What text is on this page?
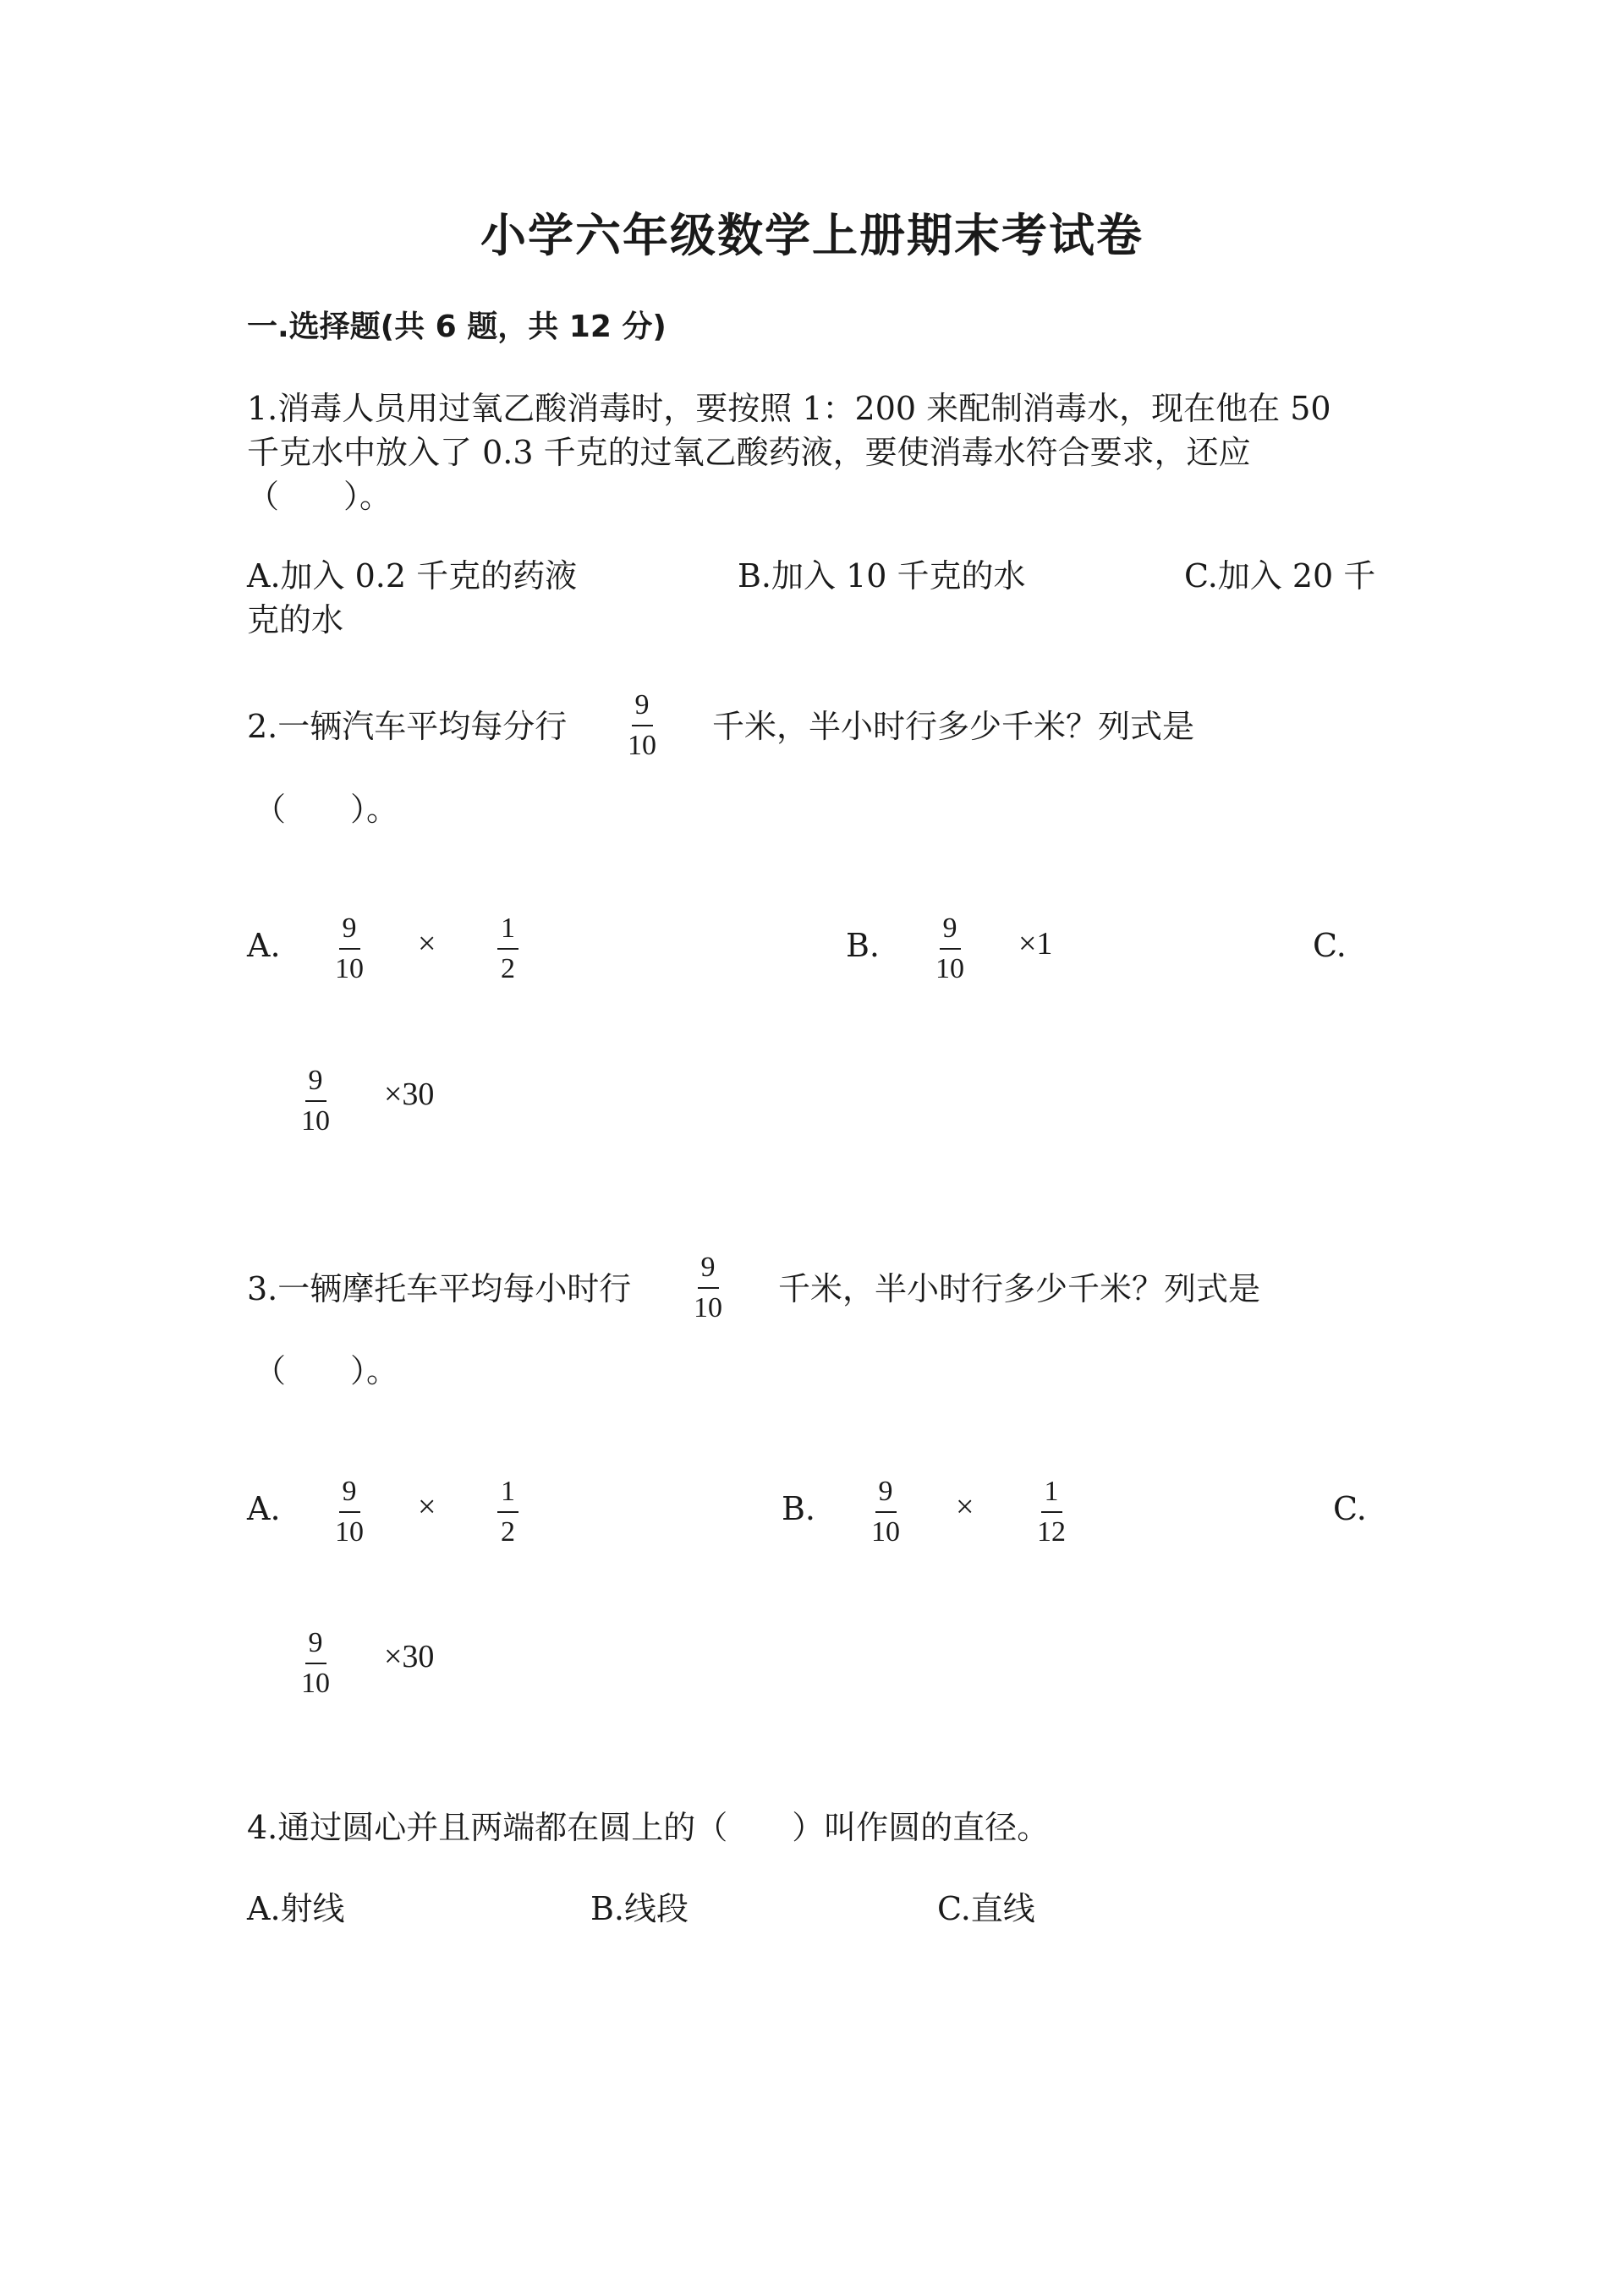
小学六年级数学上册期末考试卷
一.选择题(共 6 题，共 12 分)
1.消毒人员用过氧乙酸消毒时，要按照 1：200 来配制消毒水，现在他在 50
千克水中放入了 0.3 千克的过氧乙酸药液，要使消毒水符合要求，还应
（　　）。
A.加入 0.2 千克的药液	B.加入 10 千克的水	C.加入 20 千
克的水
2.一辆汽车平均每分行 $\frac{9}{10}$ 千米，半小时行多少千米？列式是
（　　）。
A. $\frac{9}{10} \times \frac{1}{2}$	B. $\frac{9}{10} \times 1$	C.
$\frac{9}{10} \times 30$
3.一辆摩托车平均每小时行 $\frac{9}{10}$ 千米，半小时行多少千米？列式是
（　　）。
A. $\frac{9}{10} \times \frac{1}{2}$	B. $\frac{9}{10} \times \frac{1}{12}$	C.
$\frac{9}{10} \times 30$
4.通过圆心并且两端都在圆上的（　　）叫作圆的直径。
A.射线	B.线段	C.直线
